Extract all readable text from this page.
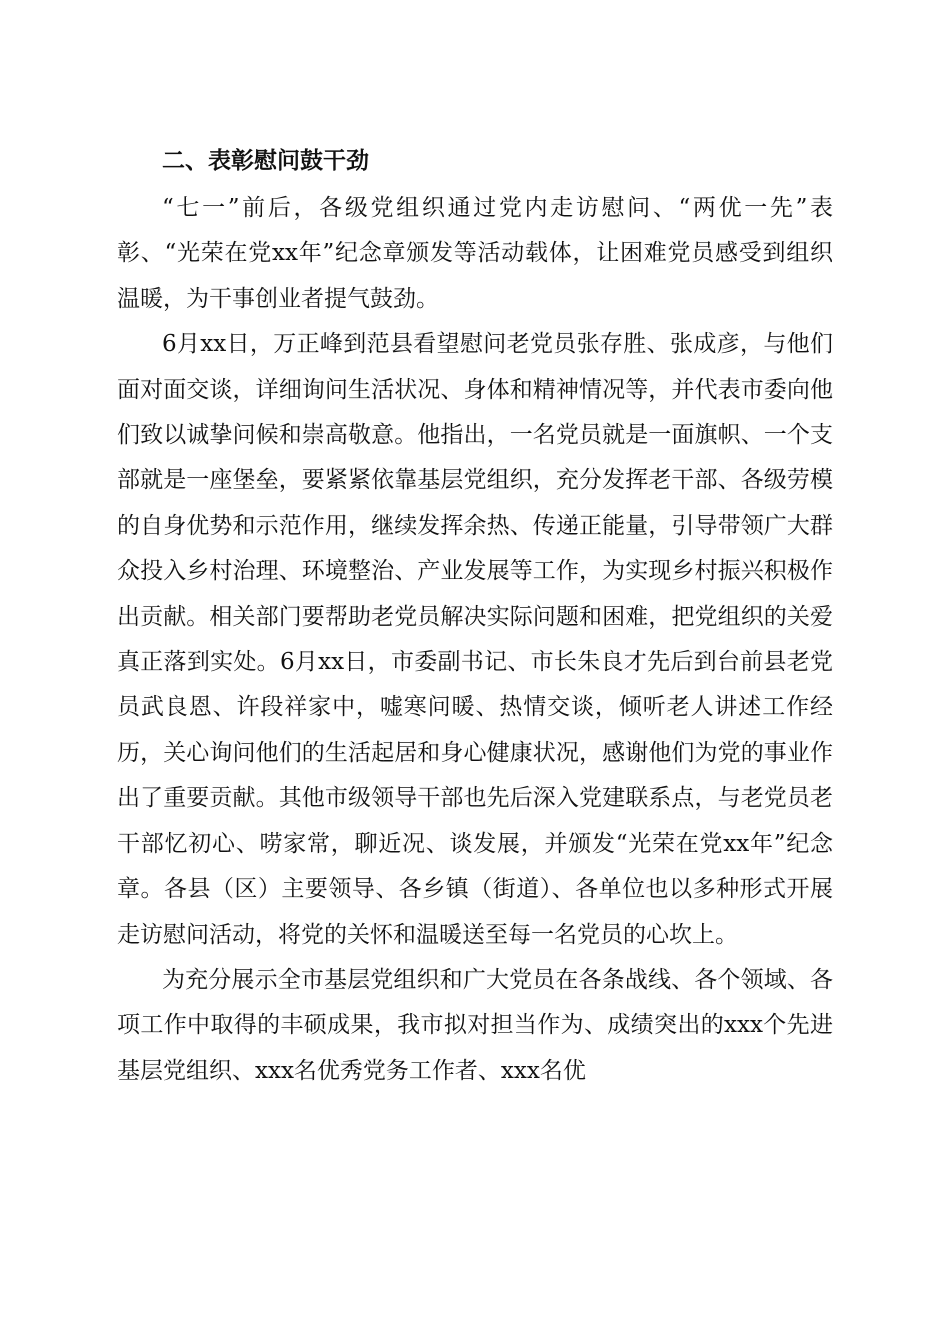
二、表彰慰问鼓干劲

“七一”前后，各级党组织通过党内走访慰问、“两优一先”表彰、“光荣在党xx年”纪念章颁发等活动载体，让困难党员感受到组织温暖，为干事创业者提气鼓劲。

6月xx日，万正峰到范县看望慰问老党员张存胜、张成彦，与他们面对面交谈，详细询问生活状况、身体和精神情况等，并代表市委向他们致以诚挚问候和崇高敬意。他指出，一名党员就是一面旗帜、一个支部就是一座堡垒，要紧紧依靠基层党组织，充分发挥老干部、各级劳模的自身优势和示范作用，继续发挥余热、传递正能量，引导带领广大群众投入乡村治理、环境整治、产业发展等工作，为实现乡村振兴积极作出贡献。相关部门要帮助老党员解决实际问题和困难，把党组织的关爱真正落到实处。6月xx日，市委副书记、市长朱良才先后到台前县老党员武良恩、许段祥家中，嘘寒问暖、热情交谈，倾听老人讲述工作经历，关心询问他们的生活起居和身心健康状况，感谢他们为党的事业作出了重要贡献。其他市级领导干部也先后深入党建联系点，与老党员老干部忆初心、唠家常，聊近况、谈发展，并颁发“光荣在党xx年”纪念章。各县（区）主要领导、各乡镇（街道）、各单位也以多种形式开展走访慰问活动，将党的关怀和温暖送至每一名党员的心坎上。

为充分展示全市基层党组织和广大党员在各条战线、各个领域、各项工作中取得的丰硕成果，我市拟对担当作为、成绩突出的xxx个先进基层党组织、xxx名优秀党务工作者、xxx名优
